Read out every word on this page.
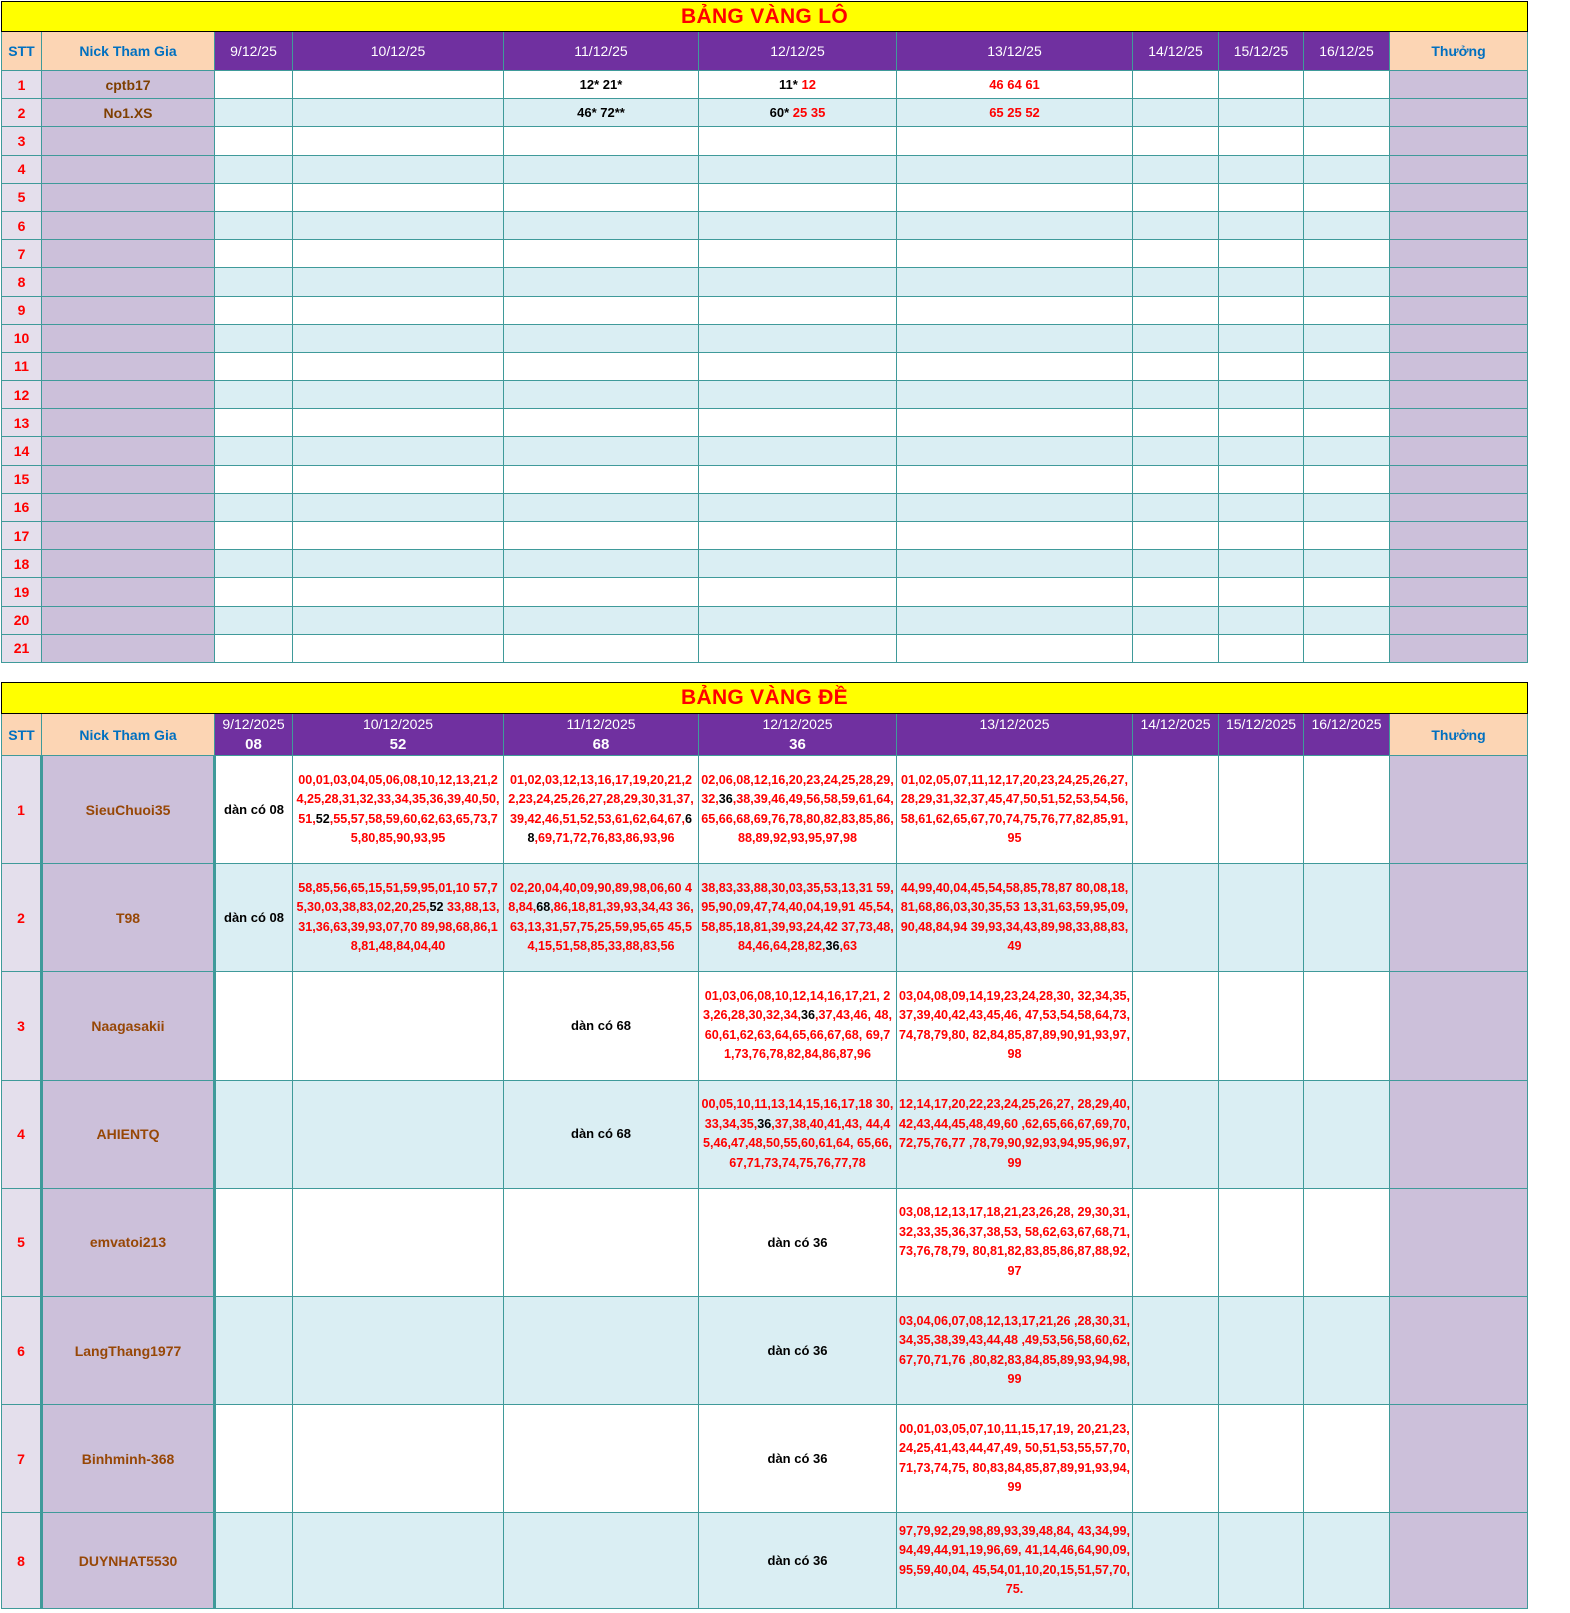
BẢNG VÀNG LÔ										
STT	Nick Tham Gia	9/12/25	10/12/25	11/12/25	12/12/25	13/12/25	14/12/25	15/12/25	16/12/25	Thưởng
1	cptb17			12* 21*	11* 12	46 64 61				
2	No1.XS			46* 72**	60* 25 35	65 25 52				
3										
4										
5										
6										
7										
8										
9										
10										
11										
12										
13										
14										
15										
16										
17										
18										
19										
20										
21										
BẢNG VÀNG ĐỀ										
STT	Nick Tham Gia	9/12/2025	10/12/2025	11/12/2025	12/12/2025	13/12/2025	14/12/2025	15/12/2025	16/12/2025	Thưởng
		08	52	68	36					
1	SieuChuoi35	dàn có 08	00,01,03,04,05,06,08,10,12,13,21,24,25,28,31,32,33,34,35,36,39,40,50,51,52,55,57,58,59,60,62,63,65,73,75,80,85,90,93,95	01,02,03,12,13,16,17,19,20,21,22,23,24,25,26,27,28,29,30,31,37,39,42,46,51,52,53,61,62,64,67,68,69,71,72,76,83,86,93,96	02,06,08,12,16,20,23,24,25,28,29,32,36,38,39,46,49,56,58,59,61,64,65,66,68,69,76,78,80,82,83,85,86,88,89,92,93,95,97,98	01,02,05,07,11,12,17,20,23,24,25,26,27,28,29,31,32,37,45,47,50,51,52,53,54,56,58,61,62,65,67,70,74,75,76,77,82,85,91,95				
2	T98	dàn có 08	58,85,56,65,15,51,59,95,01,10 57,75,30,03,38,83,02,20,25,52 33,88,13,31,36,63,39,93,07,70 89,98,68,86,18,81,48,84,04,40	02,20,04,40,09,90,89,98,06,60 48,84,68,86,18,81,39,93,34,43 36,63,13,31,57,75,25,59,95,65 45,54,15,51,58,85,33,88,83,56	38,83,33,88,30,03,35,53,13,31 59,95,90,09,47,74,40,04,19,91 45,54,58,85,18,81,39,93,24,42 37,73,48,84,46,64,28,82,36,63	44,99,40,04,45,54,58,85,78,87 80,08,18,81,68,86,03,30,35,53 13,31,63,59,95,09,90,48,84,94 39,93,34,43,89,98,33,88,83,49				
3	Naagasakii			dàn có 68	01,03,06,08,10,12,14,16,17,21, 23,26,28,30,32,34,36,37,43,46, 48,60,61,62,63,64,65,66,67,68, 69,71,73,76,78,82,84,86,87,96	03,04,08,09,14,19,23,24,28,30, 32,34,35,37,39,40,42,43,45,46, 47,53,54,58,64,73,74,78,79,80, 82,84,85,87,89,90,91,93,97,98				
4	AHIENTQ			dàn có 68	00,05,10,11,13,14,15,16,17,18 30,33,34,35,36,37,38,40,41,43, 44,45,46,47,48,50,55,60,61,64, 65,66,67,71,73,74,75,76,77,78	12,14,17,20,22,23,24,25,26,27, 28,29,40,42,43,44,45,48,49,60 ,62,65,66,67,69,70,72,75,76,77 ,78,79,90,92,93,94,95,96,97,99				
5	emvatoi213				dàn có 36	03,08,12,13,17,18,21,23,26,28, 29,30,31,32,33,35,36,37,38,53, 58,62,63,67,68,71,73,76,78,79, 80,81,82,83,85,86,87,88,92,97				
6	LangThang1977				dàn có 36	03,04,06,07,08,12,13,17,21,26 ,28,30,31,34,35,38,39,43,44,48 ,49,53,56,58,60,62,67,70,71,76 ,80,82,83,84,85,89,93,94,98,99				
7	Binhminh-368				dàn có 36	00,01,03,05,07,10,11,15,17,19, 20,21,23,24,25,41,43,44,47,49, 50,51,53,55,57,70,71,73,74,75, 80,83,84,85,87,89,91,93,94,99				
8	DUYNHAT5530				dàn có 36	97,79,92,29,98,89,93,39,48,84, 43,34,99,94,49,44,91,19,96,69, 41,14,46,64,90,09,95,59,40,04, 45,54,01,10,20,15,51,57,70,75.				
